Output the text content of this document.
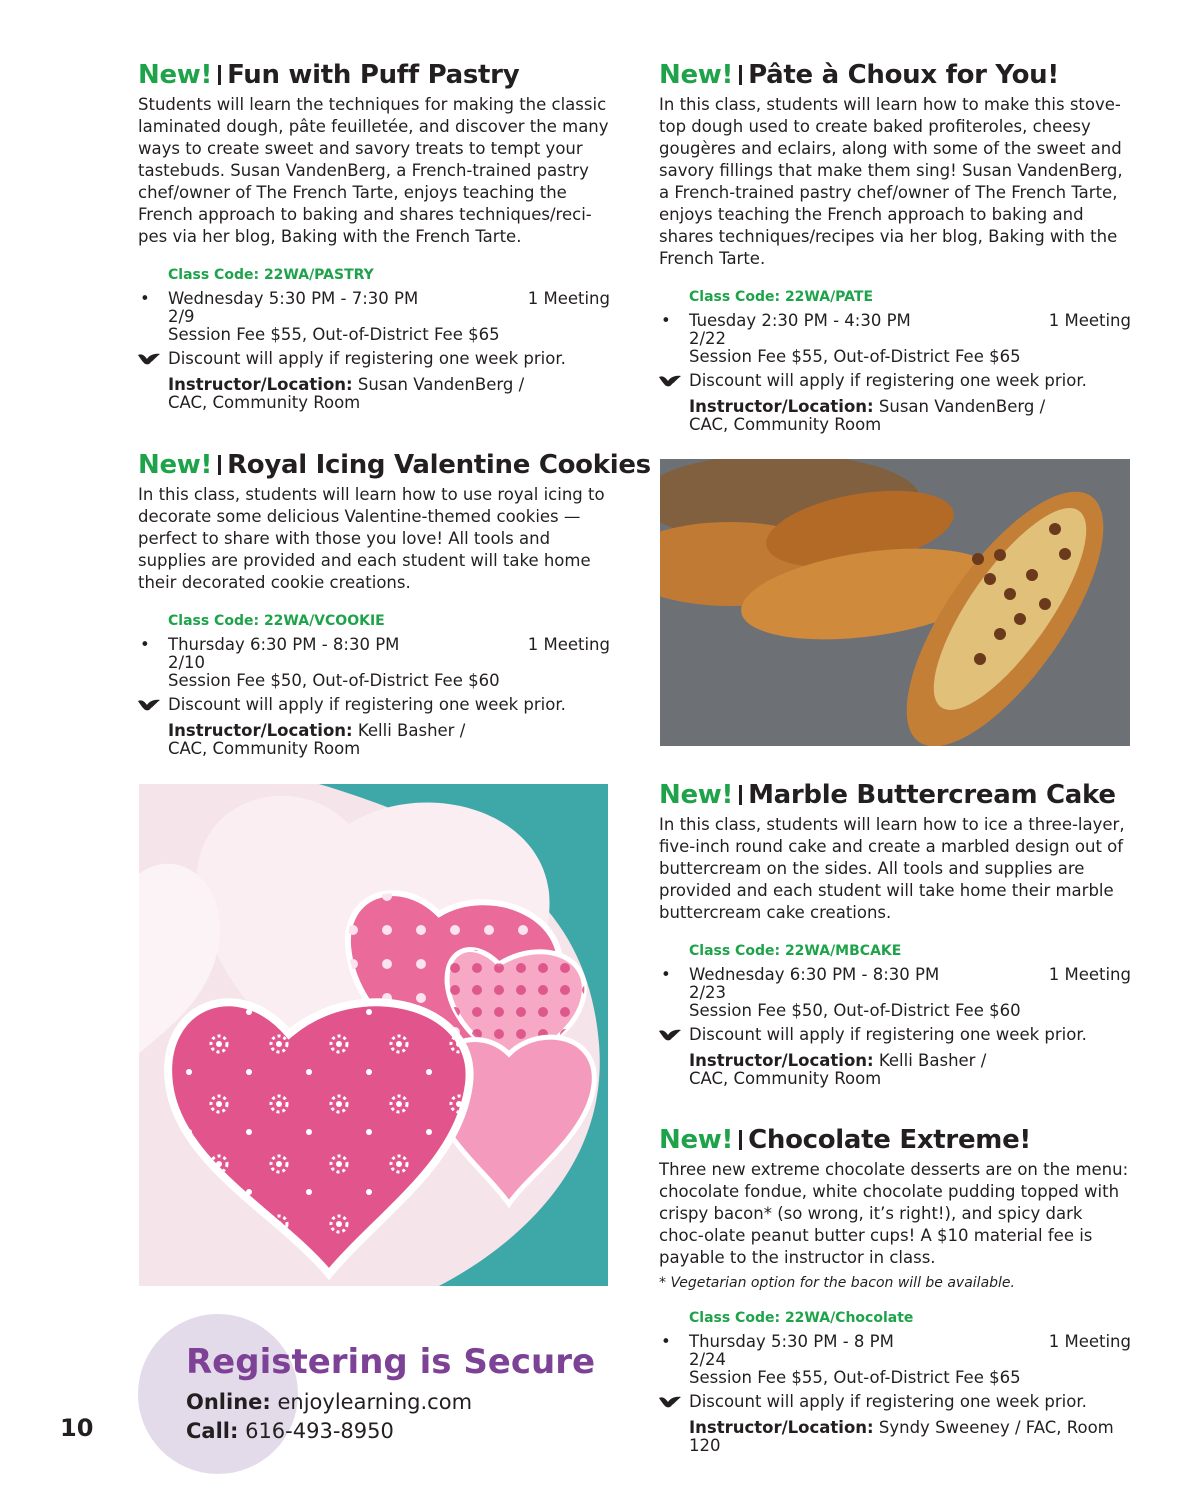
New! Fun with Puff Pastry

Students will learn the techniques for making the classic laminated dough, pâte feuilletée, and discover the many ways to create sweet and savory treats to tempt your tastebuds. Susan VandenBerg, a French-trained pastry chef/owner of The French Tarte, enjoys teaching the French approach to baking and shares techniques/reci-pes via her blog, Baking with the French Tarte.

Class Code: 22WA/PASTRY
• Wednesday 5:30 PM - 7:30 PM	1 Meeting
2/9
Session Fee $55, Out-of-District Fee $65
Discount will apply if registering one week prior.
Instructor/Location: Susan VandenBerg /
CAC, Community Room
New! Royal Icing Valentine Cookies

In this class, students will learn how to use royal icing to decorate some delicious Valentine-themed cookies —perfect to share with those you love! All tools and supplies are provided and each student will take home their decorated cookie creations.

Class Code: 22WA/VCOOKIE
• Thursday 6:30 PM - 8:30 PM	1 Meeting
2/10
Session Fee $50, Out-of-District Fee $60
Discount will apply if registering one week prior.
Instructor/Location: Kelli Basher /
CAC, Community Room
Registering is Secure
Online: enjoylearning.com
Call: 616-493-8950
10
New! Pâte à Choux for You!

In this class, students will learn how to make this stove-top dough used to create baked profiteroles, cheesy gougères and eclairs, along with some of the sweet and savory fillings that make them sing! Susan VandenBerg, a French-trained pastry chef/owner of The French Tarte, enjoys teaching the French approach to baking and shares techniques/recipes via her blog, Baking with the French Tarte.

Class Code: 22WA/PATE
• Tuesday 2:30 PM - 4:30 PM	1 Meeting
2/22
Session Fee $55, Out-of-District Fee $65
Discount will apply if registering one week prior.
Instructor/Location: Susan VandenBerg /
CAC, Community Room
New! Marble Buttercream Cake

In this class, students will learn how to ice a three-layer, five-inch round cake and create a marbled design out of buttercream on the sides. All tools and supplies are provided and each student will take home their marble buttercream cake creations.

Class Code: 22WA/MBCAKE
• Wednesday 6:30 PM - 8:30 PM	1 Meeting
2/23
Session Fee $50, Out-of-District Fee $60
Discount will apply if registering one week prior.
Instructor/Location: Kelli Basher /
CAC, Community Room
New! Chocolate Extreme!

Three new extreme chocolate desserts are on the menu: chocolate fondue, white chocolate pudding topped with crispy bacon* (so wrong, it’s right!), and spicy dark choc-olate peanut butter cups! A $10 material fee is payable to the instructor in class.

* Vegetarian option for the bacon will be available.

Class Code: 22WA/Chocolate
• Thursday 5:30 PM - 8 PM	1 Meeting
2/24
Session Fee $55, Out-of-District Fee $65
Discount will apply if registering one week prior.
Instructor/Location: Syndy Sweeney / FAC, Room 120
